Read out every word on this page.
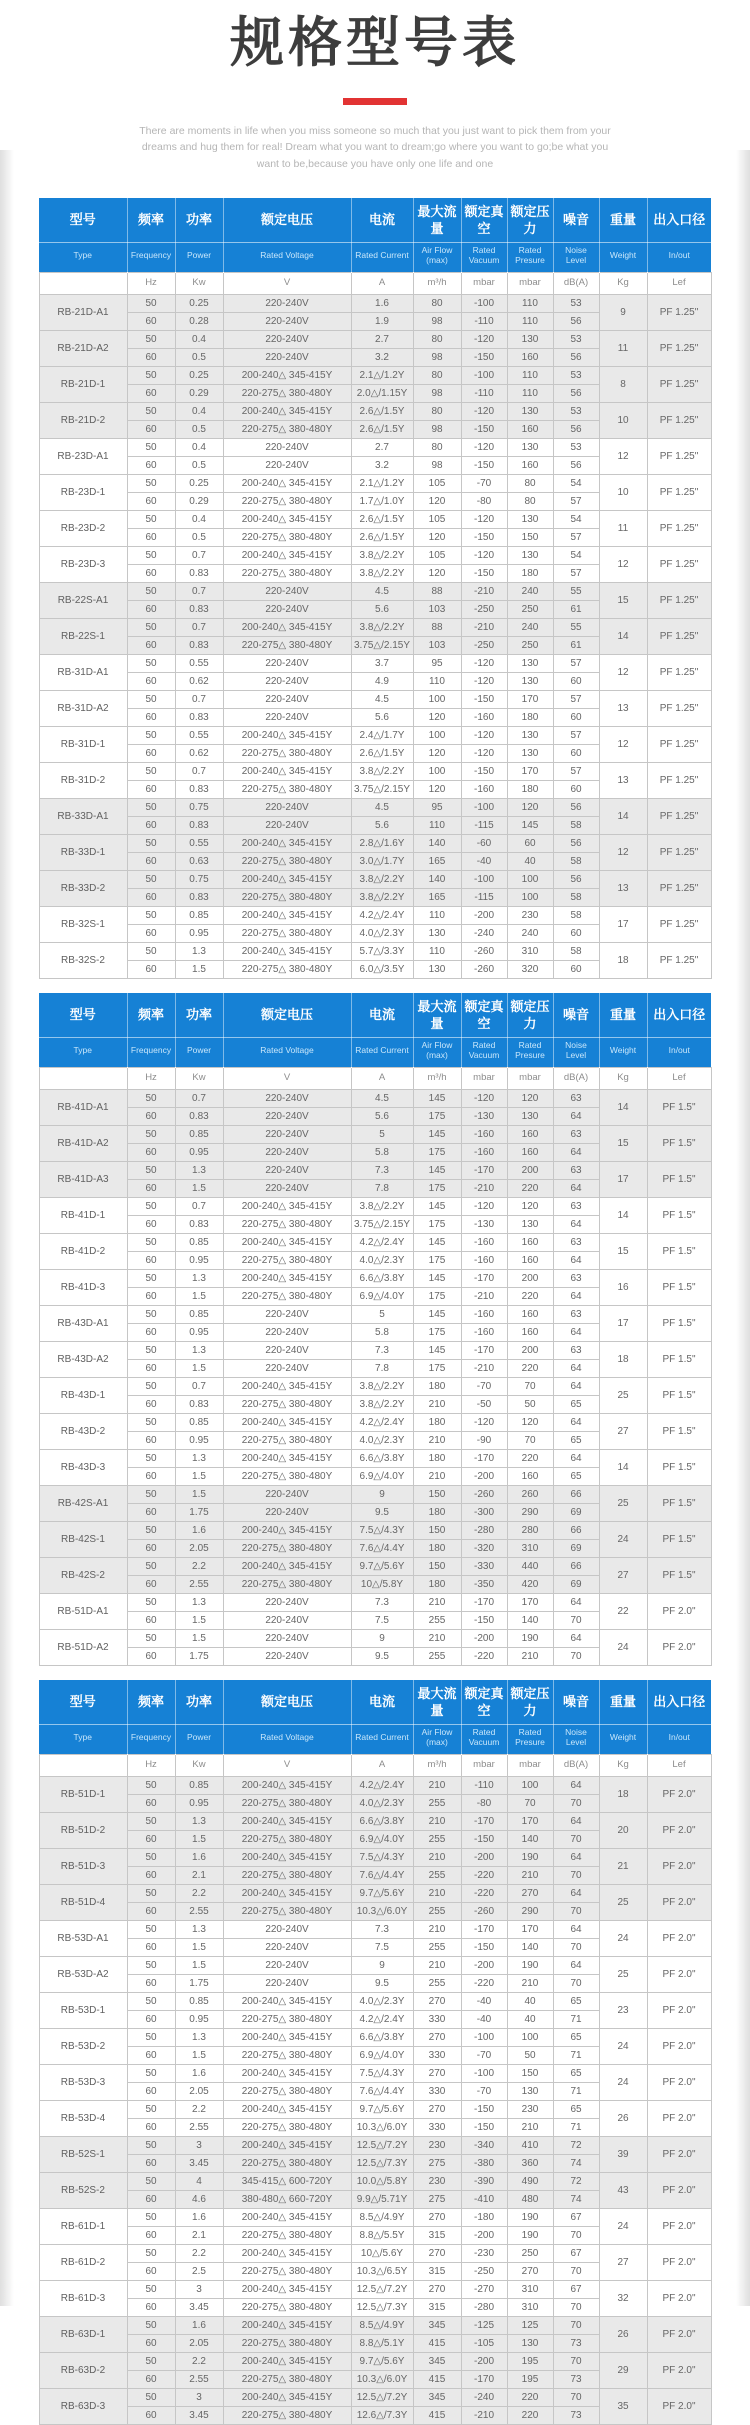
规格型号表
There are moments in life when you miss someone so much that you just want to pick them from your dreams and hug them for real! Dream what you want to dream;go where you want to go;be what you want to be,because you have only one life and one
型号	频率	功率	额定电压	电流	最大流量	额定真空	额定压力	噪音	重量	出入口径
Type	Frequency	Power	Rated Voltage	Rated Current	Air Flow (max)	Rated Vacuum	Rated Presure	Noise Level	Weight	In/out
	Hz	Kw	V	A	m³/h	mbar	mbar	dB(A)	Kg	Lef
RB-21D-A1	50	0.25	220-240V	1.6	80	-100	110	53	9	PF 1.25"
	60	0.28	220-240V	1.9	98	-110	110	56		
RB-21D-A2	50	0.4	220-240V	2.7	80	-120	130	53	11	PF 1.25"
	60	0.5	220-240V	3.2	98	-150	160	56		
RB-21D-1	50	0.25	200-240△ 345-415Y	2.1△/1.2Y	80	-100	110	53	8	PF 1.25"
	60	0.29	220-275△ 380-480Y	2.0△/1.15Y	98	-110	110	56		
RB-21D-2	50	0.4	200-240△ 345-415Y	2.6△/1.5Y	80	-120	130	53	10	PF 1.25"
	60	0.5	220-275△ 380-480Y	2.6△/1.5Y	98	-150	160	56		
RB-23D-A1	50	0.4	220-240V	2.7	80	-120	130	53	12	PF 1.25"
	60	0.5	220-240V	3.2	98	-150	160	56		
RB-23D-1	50	0.25	200-240△ 345-415Y	2.1△/1.2Y	105	-70	80	54	10	PF 1.25"
	60	0.29	220-275△ 380-480Y	1.7△/1.0Y	120	-80	80	57		
RB-23D-2	50	0.4	200-240△ 345-415Y	2.6△/1.5Y	105	-120	130	54	11	PF 1.25"
	60	0.5	220-275△ 380-480Y	2.6△/1.5Y	120	-150	150	57		
RB-23D-3	50	0.7	200-240△ 345-415Y	3.8△/2.2Y	105	-120	130	54	12	PF 1.25"
	60	0.83	220-275△ 380-480Y	3.8△/2.2Y	120	-150	180	57		
RB-22S-A1	50	0.7	220-240V	4.5	88	-210	240	55	15	PF 1.25"
	60	0.83	220-240V	5.6	103	-250	250	61		
RB-22S-1	50	0.7	200-240△ 345-415Y	3.8△/2.2Y	88	-210	240	55	14	PF 1.25"
	60	0.83	220-275△ 380-480Y	3.75△/2.15Y	103	-250	250	61		
RB-31D-A1	50	0.55	220-240V	3.7	95	-120	130	57	12	PF 1.25"
	60	0.62	220-240V	4.9	110	-120	130	60		
RB-31D-A2	50	0.7	220-240V	4.5	100	-150	170	57	13	PF 1.25"
	60	0.83	220-240V	5.6	120	-160	180	60		
RB-31D-1	50	0.55	200-240△ 345-415Y	2.4△/1.7Y	100	-120	130	57	12	PF 1.25"
	60	0.62	220-275△ 380-480Y	2.6△/1.5Y	120	-120	130	60		
RB-31D-2	50	0.7	200-240△ 345-415Y	3.8△/2.2Y	100	-150	170	57	13	PF 1.25"
	60	0.83	220-275△ 380-480Y	3.75△/2.15Y	120	-160	180	60		
RB-33D-A1	50	0.75	220-240V	4.5	95	-100	120	56	14	PF 1.25"
	60	0.83	220-240V	5.6	110	-115	145	58		
RB-33D-1	50	0.55	200-240△ 345-415Y	2.8△/1.6Y	140	-60	60	56	12	PF 1.25"
	60	0.63	220-275△ 380-480Y	3.0△/1.7Y	165	-40	40	58		
RB-33D-2	50	0.75	200-240△ 345-415Y	3.8△/2.2Y	140	-100	100	56	13	PF 1.25"
	60	0.83	220-275△ 380-480Y	3.8△/2.2Y	165	-115	100	58		
RB-32S-1	50	0.85	200-240△ 345-415Y	4.2△/2.4Y	110	-200	230	58	17	PF 1.25"
	60	0.95	220-275△ 380-480Y	4.0△/2.3Y	130	-240	240	60		
RB-32S-2	50	1.3	200-240△ 345-415Y	5.7△/3.3Y	110	-260	310	58	18	PF 1.25"
	60	1.5	220-275△ 380-480Y	6.0△/3.5Y	130	-260	320	60		
型号	频率	功率	额定电压	电流	最大流量	额定真空	额定压力	噪音	重量	出入口径
Type	Frequency	Power	Rated Voltage	Rated Current	Air Flow (max)	Rated Vacuum	Rated Presure	Noise Level	Weight	In/out
	Hz	Kw	V	A	m³/h	mbar	mbar	dB(A)	Kg	Lef
RB-41D-A1	50	0.7	220-240V	4.5	145	-120	120	63	14	PF 1.5"
	60	0.83	220-240V	5.6	175	-130	130	64		
RB-41D-A2	50	0.85	220-240V	5	145	-160	160	63	15	PF 1.5"
	60	0.95	220-240V	5.8	175	-160	160	64		
RB-41D-A3	50	1.3	220-240V	7.3	145	-170	200	63	17	PF 1.5"
	60	1.5	220-240V	7.8	175	-210	220	64		
RB-41D-1	50	0.7	200-240△ 345-415Y	3.8△/2.2Y	145	-120	120	63	14	PF 1.5"
	60	0.83	220-275△ 380-480Y	3.75△/2.15Y	175	-130	130	64		
RB-41D-2	50	0.85	200-240△ 345-415Y	4.2△/2.4Y	145	-160	160	63	15	PF 1.5"
	60	0.95	220-275△ 380-480Y	4.0△/2.3Y	175	-160	160	64		
RB-41D-3	50	1.3	200-240△ 345-415Y	6.6△/3.8Y	145	-170	200	63	16	PF 1.5"
	60	1.5	220-275△ 380-480Y	6.9△/4.0Y	175	-210	220	64		
RB-43D-A1	50	0.85	220-240V	5	145	-160	160	63	17	PF 1.5"
	60	0.95	220-240V	5.8	175	-160	160	64		
RB-43D-A2	50	1.3	220-240V	7.3	145	-170	200	63	18	PF 1.5"
	60	1.5	220-240V	7.8	175	-210	220	64		
RB-43D-1	50	0.7	200-240△ 345-415Y	3.8△/2.2Y	180	-70	70	64	25	PF 1.5"
	60	0.83	220-275△ 380-480Y	3.8△/2.2Y	210	-50	50	65		
RB-43D-2	50	0.85	200-240△ 345-415Y	4.2△/2.4Y	180	-120	120	64	27	PF 1.5"
	60	0.95	220-275△ 380-480Y	4.0△/2.3Y	210	-90	70	65		
RB-43D-3	50	1.3	200-240△ 345-415Y	6.6△/3.8Y	180	-170	220	64	14	PF 1.5"
	60	1.5	220-275△ 380-480Y	6.9△/4.0Y	210	-200	160	65		
RB-42S-A1	50	1.5	220-240V	9	150	-260	260	66	25	PF 1.5"
	60	1.75	220-240V	9.5	180	-300	290	69		
RB-42S-1	50	1.6	200-240△ 345-415Y	7.5△/4.3Y	150	-280	280	66	24	PF 1.5"
	60	2.05	220-275△ 380-480Y	7.6△/4.4Y	180	-320	310	69		
RB-42S-2	50	2.2	200-240△ 345-415Y	9.7△/5.6Y	150	-330	440	66	27	PF 1.5"
	60	2.55	220-275△ 380-480Y	10△/5.8Y	180	-350	420	69		
RB-51D-A1	50	1.3	220-240V	7.3	210	-170	170	64	22	PF 2.0"
	60	1.5	220-240V	7.5	255	-150	140	70		
RB-51D-A2	50	1.5	220-240V	9	210	-200	190	64	24	PF 2.0"
	60	1.75	220-240V	9.5	255	-220	210	70		
型号	频率	功率	额定电压	电流	最大流量	额定真空	额定压力	噪音	重量	出入口径
Type	Frequency	Power	Rated Voltage	Rated Current	Air Flow (max)	Rated Vacuum	Rated Presure	Noise Level	Weight	In/out
	Hz	Kw	V	A	m³/h	mbar	mbar	dB(A)	Kg	Lef
RB-51D-1	50	0.85	200-240△ 345-415Y	4.2△/2.4Y	210	-110	100	64	18	PF 2.0"
	60	0.95	220-275△ 380-480Y	4.0△/2.3Y	255	-80	70	70		
RB-51D-2	50	1.3	200-240△ 345-415Y	6.6△/3.8Y	210	-170	170	64	20	PF 2.0"
	60	1.5	220-275△ 380-480Y	6.9△/4.0Y	255	-150	140	70		
RB-51D-3	50	1.6	200-240△ 345-415Y	7.5△/4.3Y	210	-200	190	64	21	PF 2.0"
	60	2.1	220-275△ 380-480Y	7.6△/4.4Y	255	-220	210	70		
RB-51D-4	50	2.2	200-240△ 345-415Y	9.7△/5.6Y	210	-220	270	64	25	PF 2.0"
	60	2.55	220-275△ 380-480Y	10.3△/6.0Y	255	-260	290	70		
RB-53D-A1	50	1.3	220-240V	7.3	210	-170	170	64	24	PF 2.0"
	60	1.5	220-240V	7.5	255	-150	140	70		
RB-53D-A2	50	1.5	220-240V	9	210	-200	190	64	25	PF 2.0"
	60	1.75	220-240V	9.5	255	-220	210	70		
RB-53D-1	50	0.85	200-240△ 345-415Y	4.0△/2.3Y	270	-40	40	65	23	PF 2.0"
	60	0.95	220-275△ 380-480Y	4.2△/2.4Y	330	-40	40	71		
RB-53D-2	50	1.3	200-240△ 345-415Y	6.6△/3.8Y	270	-100	100	65	24	PF 2.0"
	60	1.5	220-275△ 380-480Y	6.9△/4.0Y	330	-70	50	71		
RB-53D-3	50	1.6	200-240△ 345-415Y	7.5△/4.3Y	270	-100	150	65	24	PF 2.0"
	60	2.05	220-275△ 380-480Y	7.6△/4.4Y	330	-70	130	71		
RB-53D-4	50	2.2	200-240△ 345-415Y	9.7△/5.6Y	270	-150	230	65	26	PF 2.0"
	60	2.55	220-275△ 380-480Y	10.3△/6.0Y	330	-150	210	71		
RB-52S-1	50	3	200-240△ 345-415Y	12.5△/7.2Y	230	-340	410	72	39	PF 2.0"
	60	3.45	220-275△ 380-480Y	12.5△/7.3Y	275	-380	360	74		
RB-52S-2	50	4	345-415△ 600-720Y	10.0△/5.8Y	230	-390	490	72	43	PF 2.0"
	60	4.6	380-480△ 660-720Y	9.9△/5.71Y	275	-410	480	74		
RB-61D-1	50	1.6	200-240△ 345-415Y	8.5△/4.9Y	270	-180	190	67	24	PF 2.0"
	60	2.1	220-275△ 380-480Y	8.8△/5.5Y	315	-200	190	70		
RB-61D-2	50	2.2	200-240△ 345-415Y	10△/5.6Y	270	-230	250	67	27	PF 2.0"
	60	2.5	220-275△ 380-480Y	10.3△/6.5Y	315	-250	270	70		
RB-61D-3	50	3	200-240△ 345-415Y	12.5△/7.2Y	270	-270	310	67	32	PF 2.0"
	60	3.45	220-275△ 380-480Y	12.5△/7.3Y	315	-280	310	70		
RB-63D-1	50	1.6	200-240△ 345-415Y	8.5△/4.9Y	345	-125	125	70	26	PF 2.0"
	60	2.05	220-275△ 380-480Y	8.8△/5.1Y	415	-105	130	73		
RB-63D-2	50	2.2	200-240△ 345-415Y	9.7△/5.6Y	345	-200	195	70	29	PF 2.0"
	60	2.55	220-275△ 380-480Y	10.3△/6.0Y	415	-170	195	73		
RB-63D-3	50	3	200-240△ 345-415Y	12.5△/7.2Y	345	-240	220	70	35	PF 2.0"
	60	3.45	220-275△ 380-480Y	12.6△/7.3Y	415	-210	220	73		
